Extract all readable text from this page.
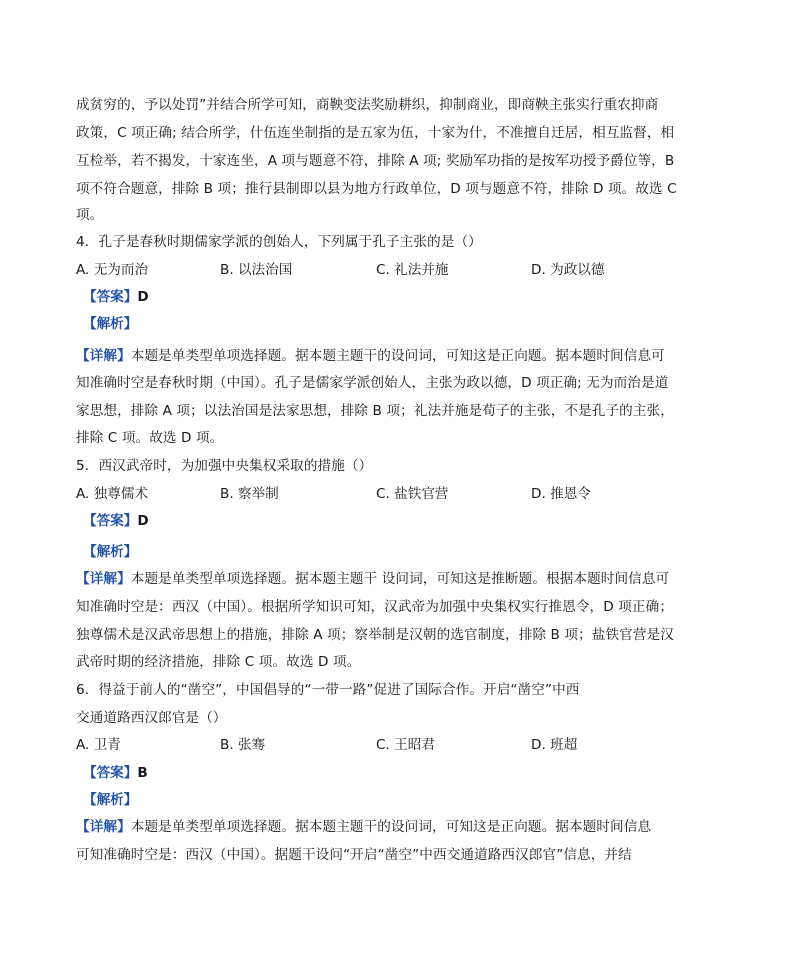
成贫穷的，予以处罚”并结合所学可知，商鞅变法奖励耕织，抑制商业，即商鞅主张实行重农抑商
政策，C 项正确; 结合所学，什伍连坐制指的是五家为伍，十家为什，不准擅自迁居，相互监督，相
互检举，若不揭发，十家连坐，A 项与题意不符，排除 A 项; 奖励军功指的是按军功授予爵位等，B
项不符合题意，排除 B 项；推行县制即以县为地方行政单位，D 项与题意不符，排除 D 项。故选 C
项。
4．孔子是春秋时期儒家学派的创始人，下列属于孔子主张的是（）
A. 无为而治	B. 以法治国	C. 礼法并施	D. 为政以德
【答案】D
【解析】
【详解】本题是单类型单项选择题。据本题主题干的设问词，可知这是正向题。据本题时间信息可
知准确时空是春秋时期（中国）。孔子是儒家学派创始人，主张为政以德，D 项正确; 无为而治是道
家思想，排除 A 项；以法治国是法家思想，排除 B 项；礼法并施是荀子的主张，不是孔子的主张，
排除 C 项。故选 D 项。
5．西汉武帝时，为加强中央集权采取的措施（）
A. 独尊儒术	B. 察举制	C. 盐铁官营	D. 推恩令
【答案】D
【解析】
【详解】本题是单类型单项选择题。据本题主题干 设问词，可知这是推断题。根据本题时间信息可
知准确时空是：西汉（中国）。根据所学知识可知，汉武帝为加强中央集权实行推恩令，D 项正确；
独尊儒术是汉武帝思想上的措施，排除 A 项；察举制是汉朝的选官制度，排除 B 项；盐铁官营是汉
武帝时期的经济措施，排除 C 项。故选 D 项。
6．得益于前人的“凿空”，中国倡导的“一带一路”促进了国际合作。开启“凿空”中西
交通道路西汉郎官是（）
A. 卫青	B. 张骞	C. 王昭君	D. 班超
【答案】B
【解析】
【详解】本题是单类型单项选择题。据本题主题干的设问词，可知这是正向题。据本题时间信息
可知准确时空是：西汉（中国）。据题干设问“开启“凿空”中西交通道路西汉郎官”信息，并结
